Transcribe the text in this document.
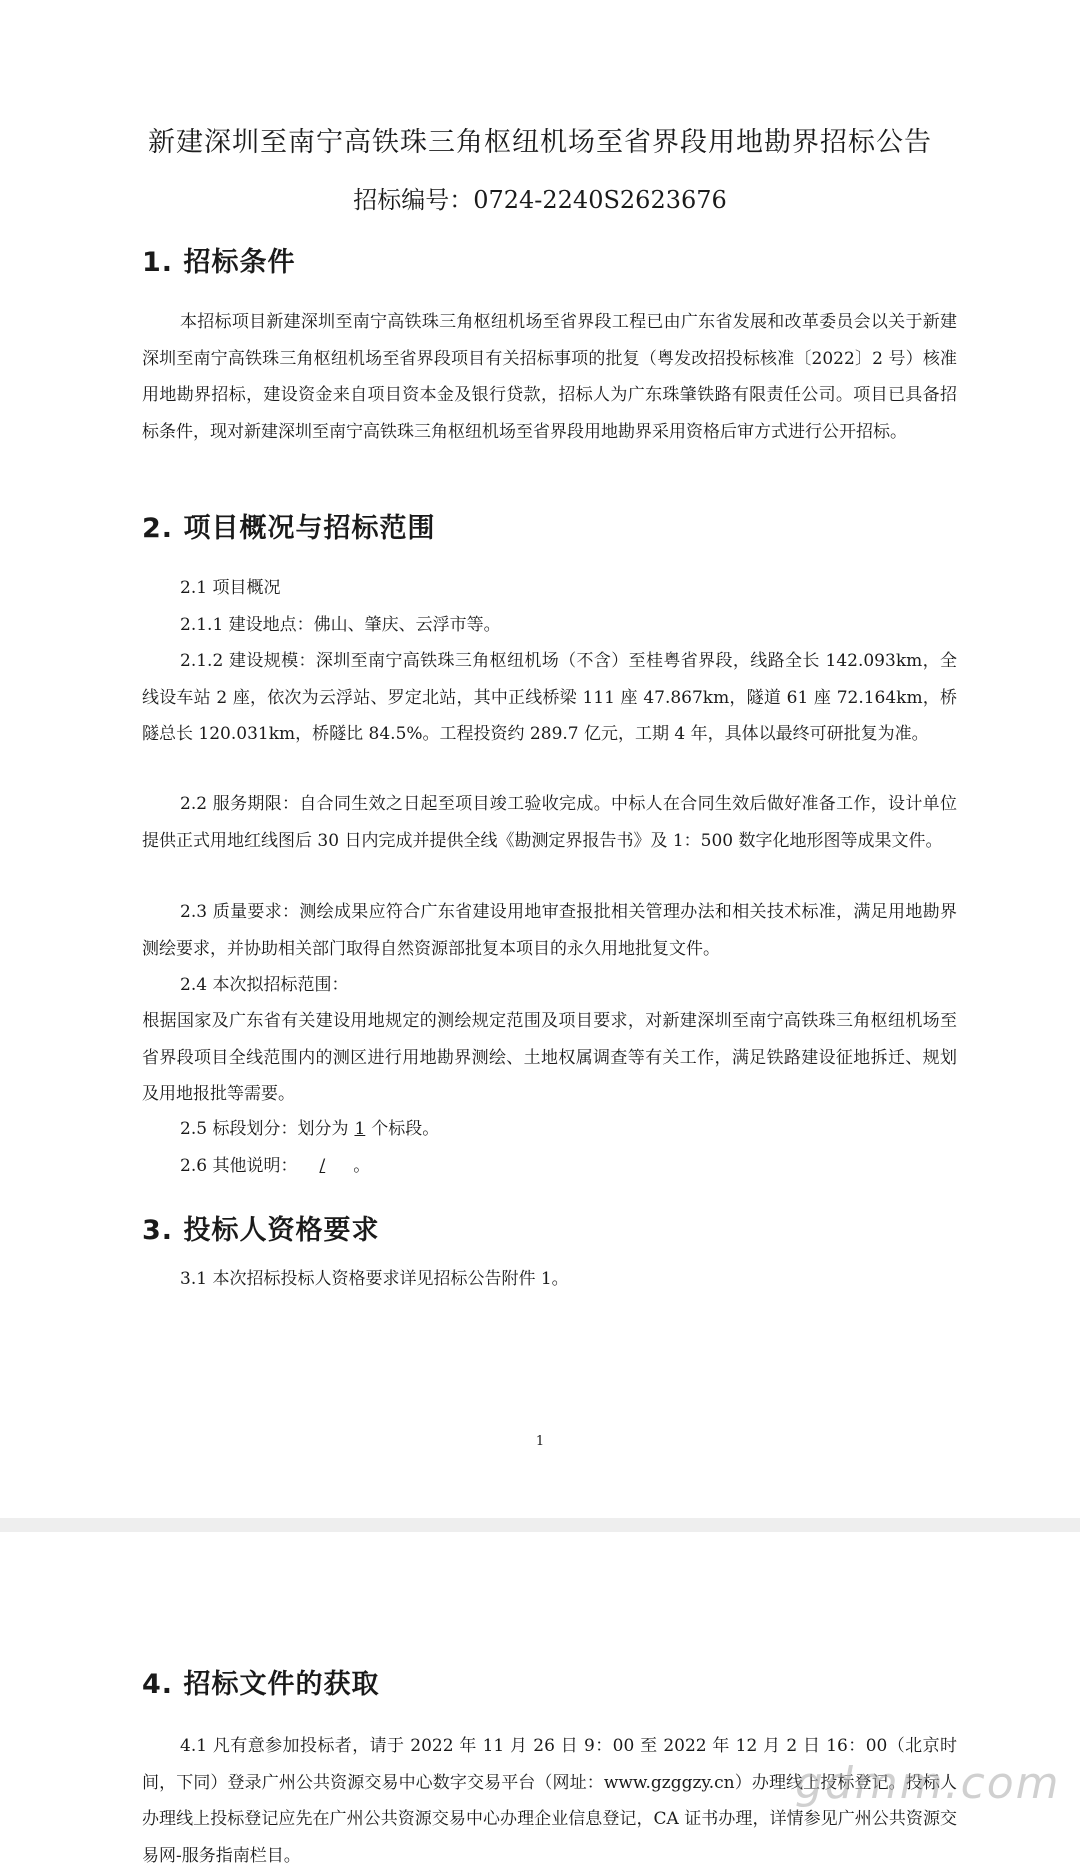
新建深圳至南宁高铁珠三角枢纽机场至省界段用地勘界招标公告
招标编号：0724-2240S2623676
1. 招标条件
本招标项目新建深圳至南宁高铁珠三角枢纽机场至省界段工程已由广东省发展和改革委员会以关于新建深圳至南宁高铁珠三角枢纽机场至省界段项目有关招标事项的批复（粤发改招投标核准〔2022〕2 号）核准用地勘界招标，建设资金来自项目资本金及银行贷款，招标人为广东珠肇铁路有限责任公司。项目已具备招标条件，现对新建深圳至南宁高铁珠三角枢纽机场至省界段用地勘界采用资格后审方式进行公开招标。
2. 项目概况与招标范围
2.1 项目概况
2.1.1 建设地点：佛山、肇庆、云浮市等。
2.1.2 建设规模：深圳至南宁高铁珠三角枢纽机场（不含）至桂粤省界段，线路全长 142.093km，全线设车站 2 座，依次为云浮站、罗定北站，其中正线桥梁 111 座 47.867km，隧道 61 座 72.164km，桥隧总长 120.031km，桥隧比 84.5%。工程投资约 289.7 亿元，工期 4 年，具体以最终可研批复为准。
2.2 服务期限：自合同生效之日起至项目竣工验收完成。中标人在合同生效后做好准备工作，设计单位提供正式用地红线图后 30 日内完成并提供全线《勘测定界报告书》及 1：500 数字化地形图等成果文件。
2.3 质量要求：测绘成果应符合广东省建设用地审查报批相关管理办法和相关技术标准，满足用地勘界测绘要求，并协助相关部门取得自然资源部批复本项目的永久用地批复文件。
2.4 本次拟招标范围：
根据国家及广东省有关建设用地规定的测绘规定范围及项目要求，对新建深圳至南宁高铁珠三角枢纽机场至省界段项目全线范围内的测区进行用地勘界测绘、土地权属调查等有关工作，满足铁路建设征地拆迁、规划及用地报批等需要。
2.5 标段划分：划分为 1 个标段。
2.6 其他说明： / 。
3. 投标人资格要求
3.1 本次招标投标人资格要求详见招标公告附件 1。
1
4. 招标文件的获取
4.1 凡有意参加投标者，请于 2022 年 11 月 26 日 9：00 至 2022 年 12 月 2 日 16：00（北京时间，下同）登录广州公共资源交易中心数字交易平台（网址：www.gzggzy.cn）办理线上投标登记。投标人办理线上投标登记应先在广州公共资源交易中心办理企业信息登记，CA 证书办理，详情参见广州公共资源交易网-服务指南栏目。
gdmm.com
